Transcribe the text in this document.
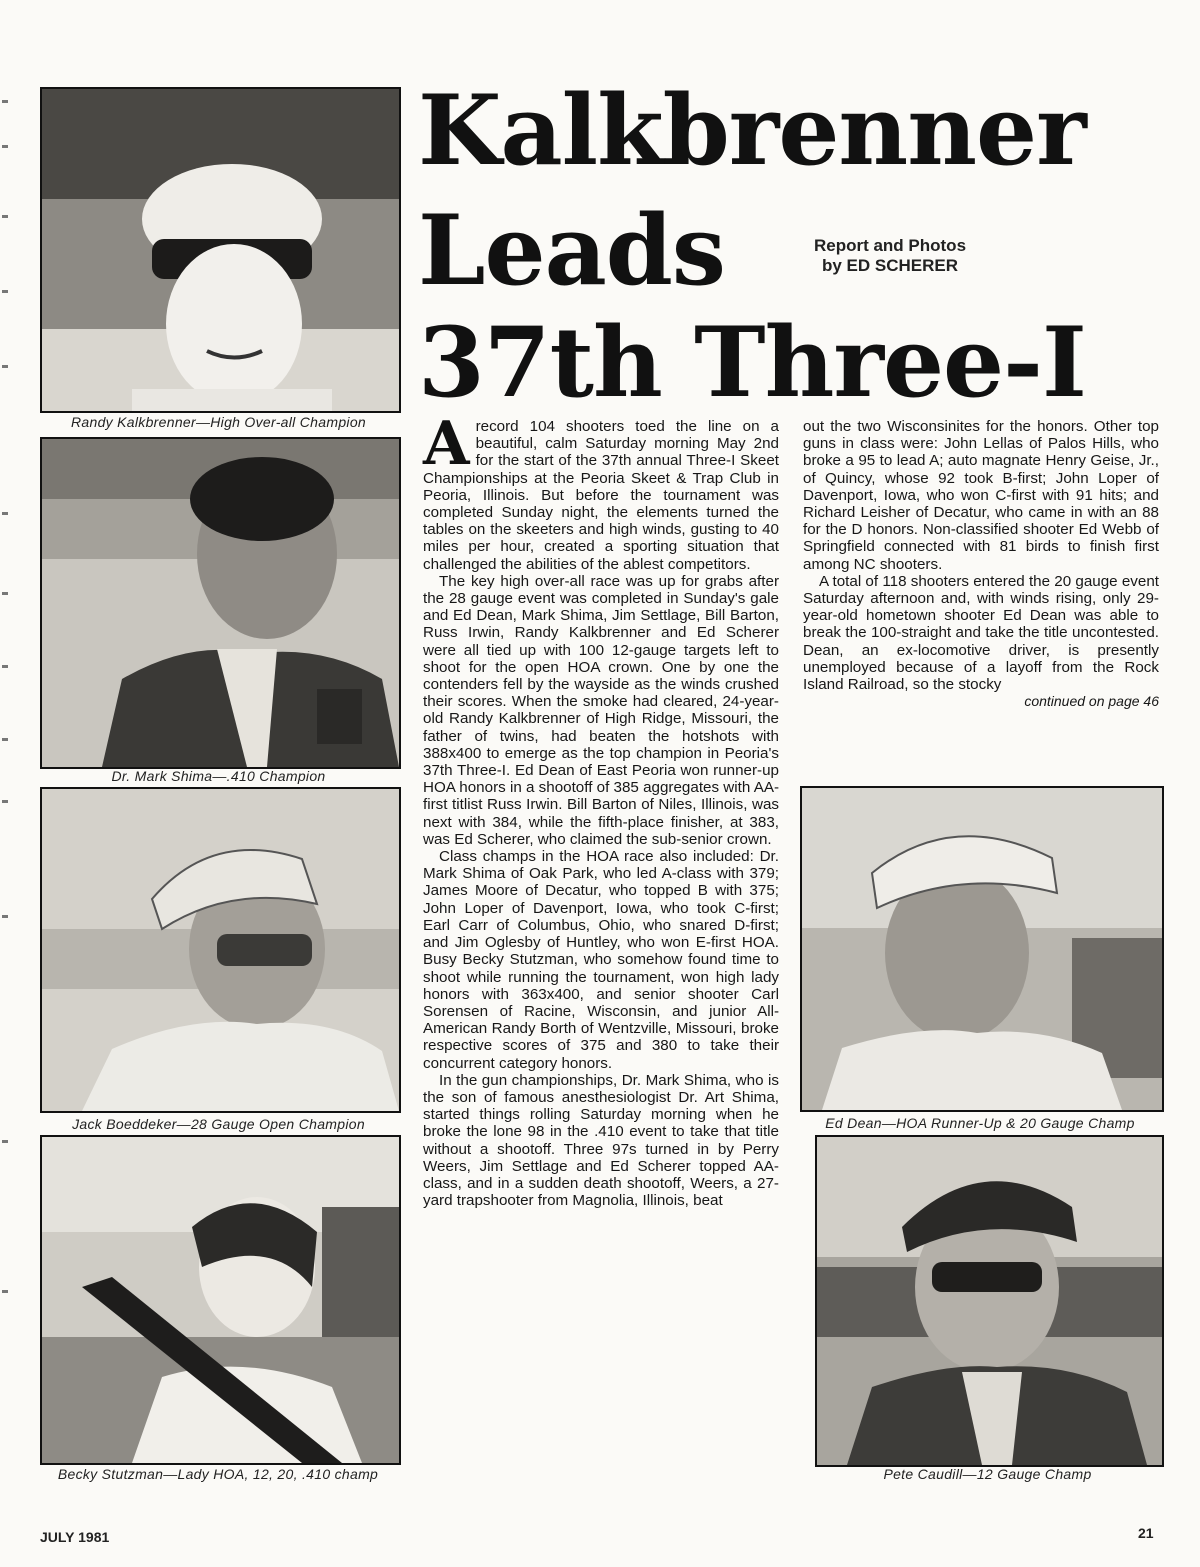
Randy Kalkbrenner—High Over-all Champion
Dr. Mark Shima—.410 Champion
Jack Boeddeker—28 Gauge Open Champion
Becky Stutzman—Lady HOA, 12, 20, .410 champ
Kalkbrenner
Leads
37th Three-I
Report and Photos
by ED SCHERER

A record 104 shooters toed the line on a beautiful, calm Saturday morning May 2nd for the start of the 37th annual Three-I Skeet Championships at the Peoria Skeet & Trap Club in Peoria, Illinois. But before the tournament was completed Sunday night, the elements turned the tables on the skeeters and high winds, gusting to 40 miles per hour, created a sporting situation that challenged the abilities of the ablest competitors.

The key high over-all race was up for grabs after the 28 gauge event was completed in Sunday's gale and Ed Dean, Mark Shima, Jim Settlage, Bill Barton, Russ Irwin, Randy Kalkbrenner and Ed Scherer were all tied up with 100 12-gauge targets left to shoot for the open HOA crown. One by one the contenders fell by the wayside as the winds crushed their scores. When the smoke had cleared, 24-year-old Randy Kalkbrenner of High Ridge, Missouri, the father of twins, had beaten the hotshots with 388x400 to emerge as the top champion in Peoria's 37th Three-I. Ed Dean of East Peoria won runner-up HOA honors in a shootoff of 385 aggregates with AA-first titlist Russ Irwin. Bill Barton of Niles, Illinois, was next with 384, while the fifth-place finisher, at 383, was Ed Scherer, who claimed the sub-senior crown.

Class champs in the HOA race also included: Dr. Mark Shima of Oak Park, who led A-class with 379; James Moore of Decatur, who topped B with 375; John Loper of Davenport, Iowa, who took C-first; Earl Carr of Columbus, Ohio, who snared D-first; and Jim Oglesby of Huntley, who won E-first HOA. Busy Becky Stutzman, who somehow found time to shoot while running the tournament, won high lady honors with 363x400, and senior shooter Carl Sorensen of Racine, Wisconsin, and junior All-American Randy Borth of Wentzville, Missouri, broke respective scores of 375 and 380 to take their concurrent category honors.

In the gun championships, Dr. Mark Shima, who is the son of famous anesthesiologist Dr. Art Shima, started things rolling Saturday morning when he broke the lone 98 in the .410 event to take that title without a shootoff. Three 97s turned in by Perry Weers, Jim Settlage and Ed Scherer topped AA-class, and in a sudden death shootoff, Weers, a 27-yard trapshooter from Magnolia, Illinois, beat

out the two Wisconsinites for the honors. Other top guns in class were: John Lellas of Palos Hills, who broke a 95 to lead A; auto magnate Henry Geise, Jr., of Quincy, whose 92 took B-first; John Loper of Davenport, Iowa, who won C-first with 91 hits; and Richard Leisher of Decatur, who came in with an 88 for the D honors. Non-classified shooter Ed Webb of Springfield connected with 81 birds to finish first among NC shooters.

A total of 118 shooters entered the 20 gauge event Saturday afternoon and, with winds rising, only 29-year-old hometown shooter Ed Dean was able to break the 100-straight and take the title uncontested. Dean, an ex-locomotive driver, is presently unemployed because of a layoff from the Rock Island Railroad, so the stocky

continued on page 46
Ed Dean—HOA Runner-Up & 20 Gauge Champ
Pete Caudill—12 Gauge Champ
JULY 1981	21
